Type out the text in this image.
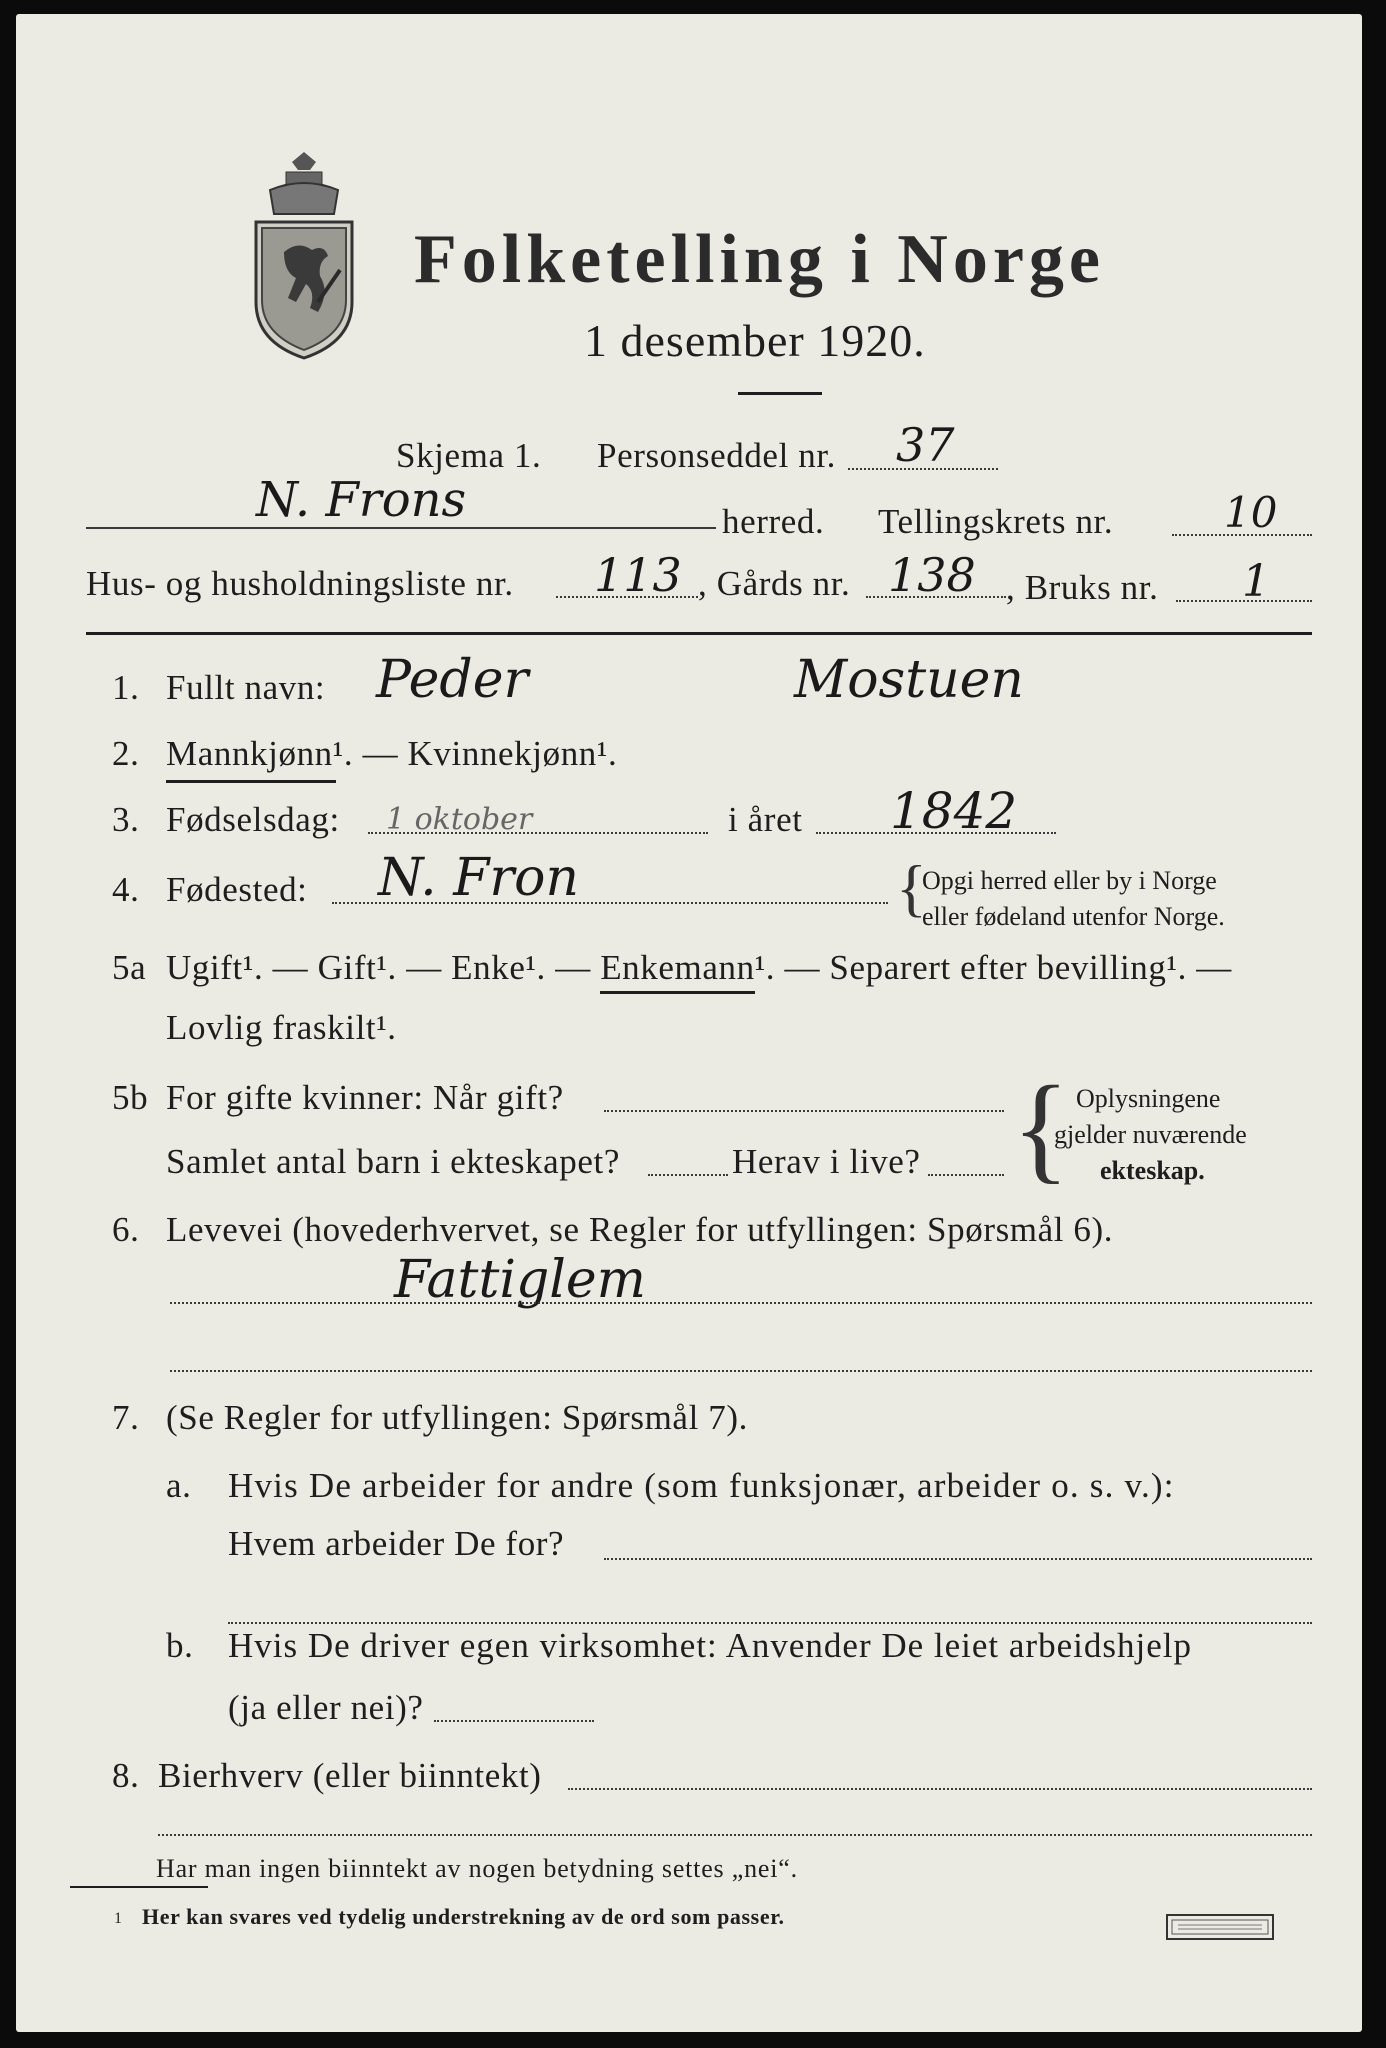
Folketelling i Norge
1 desember 1920.
Skjema 1. Personseddel nr. 37
N. Frons	herred. Tellingskrets nr.	10
Hus- og husholdningsliste nr. 113 , Gårds nr. 138 , Bruks nr. 1
1. Fullt navn: Peder	Mostuen
2. Mannkjønn¹. — Kvinnekjønn¹.
3. Fødselsdag: 1 oktober	i året 1842
4. Fødested: N. Fron	{
Opgi herred eller by i Norge
eller fødeland utenfor Norge.
5a Ugift¹. — Gift¹. — Enke¹. — Enkemann¹. — Separert efter bevilling¹. —
Lovlig fraskilt¹.
5b For gifte kvinner: Når gift?
Samlet antal barn i ekteskapet?	Herav i live? { Oplysningene
gjelder nuværende
ekteskap.
6. Levevei (hovederhvervet, se Regler for utfyllingen: Spørsmål 6).
Fattiglem
7. (Se Regler for utfyllingen: Spørsmål 7).
a. Hvis De arbeider for andre (som funksjonær, arbeider o. s. v.):
Hvem arbeider De for?
b. Hvis De driver egen virksomhet: Anvender De leiet arbeidshjelp
(ja eller nei)?
8. Bierhverv (eller biinntekt)
Har man ingen biinntekt av nogen betydning settes „nei“.
1 Her kan svares ved tydelig understrekning av de ord som passer.
